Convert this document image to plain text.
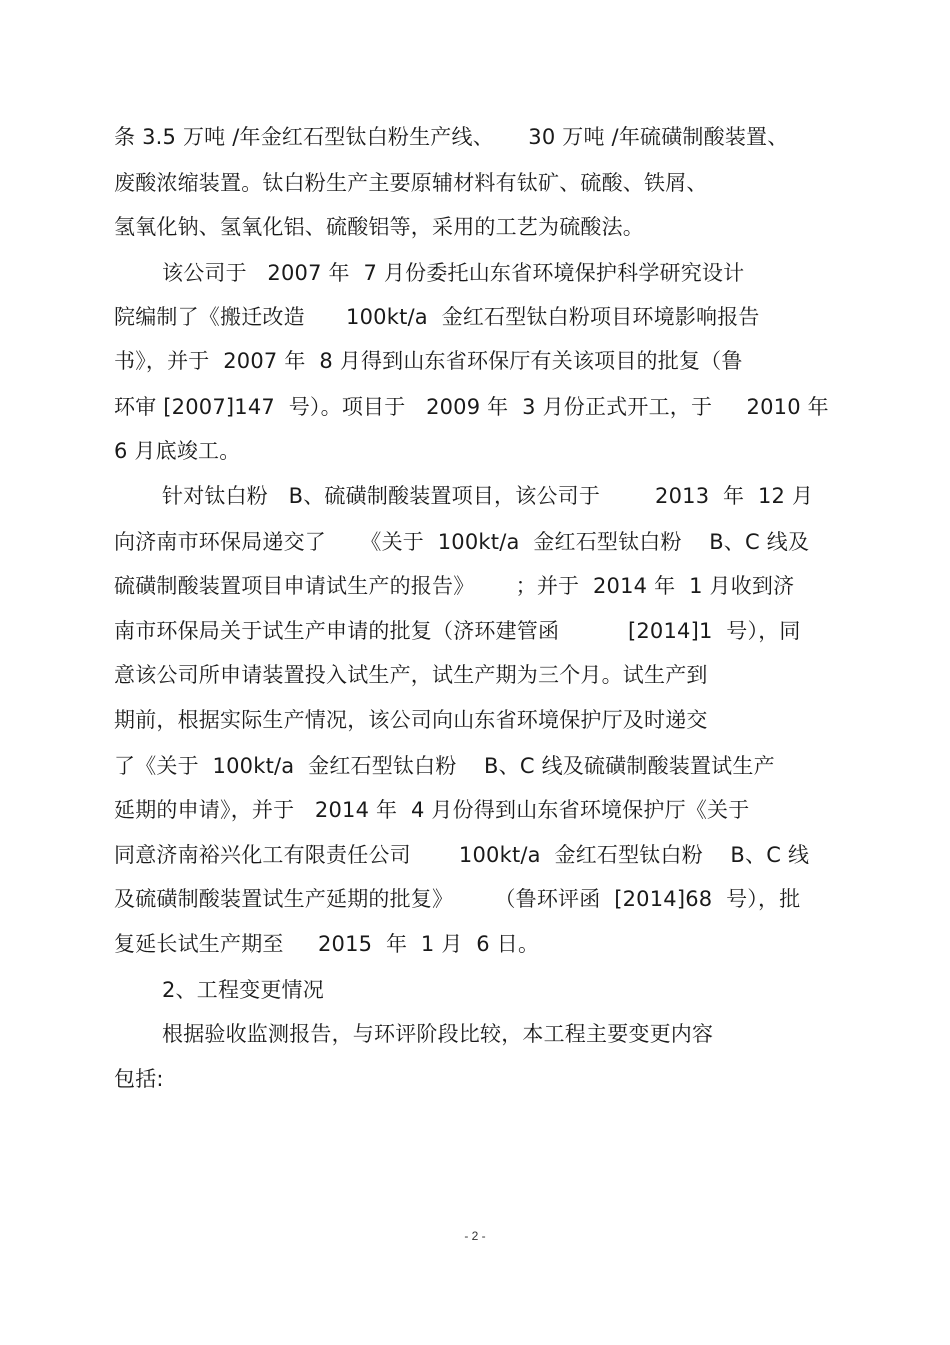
条 3.5 万吨 /年金红石型钛白粉生产线、     30 万吨 /年硫磺制酸装置、
废酸浓缩装置。钛白粉生产主要原辅材料有钛矿、硫酸、铁屑、
氢氧化钠、氢氧化铝、硫酸铝等，采用的工艺为硫酸法。
该公司于   2007 年  7 月份委托山东省环境保护科学研究设计
院编制了《搬迁改造      100kt/a  金红石型钛白粉项目环境影响报告
书》，并于  2007 年  8 月得到山东省环保厅有关该项目的批复（鲁
环审 [2007]147  号）。项目于   2009 年  3 月份正式开工，于     2010 年
6 月底竣工。
针对钛白粉   B、硫磺制酸装置项目，该公司于        2013  年  12 月
向济南市环保局递交了     《关于  100kt/a  金红石型钛白粉    B、C 线及
硫磺制酸装置项目申请试生产的报告》      ；并于  2014 年  1 月收到济
南市环保局关于试生产申请的批复（济环建管函          [2014]1  号），同
意该公司所申请装置投入试生产，试生产期为三个月。试生产到
期前，根据实际生产情况，该公司向山东省环境保护厅及时递交
了《关于  100kt/a  金红石型钛白粉    B、C 线及硫磺制酸装置试生产
延期的申请》，并于   2014 年  4 月份得到山东省环境保护厅《关于
同意济南裕兴化工有限责任公司       100kt/a  金红石型钛白粉    B、C 线
及硫磺制酸装置试生产延期的批复》      （鲁环评函  [2014]68  号），批
复延长试生产期至     2015  年  1 月  6 日。
2、工程变更情况
根据验收监测报告，与环评阶段比较，本工程主要变更内容
包括:
- 2 -
